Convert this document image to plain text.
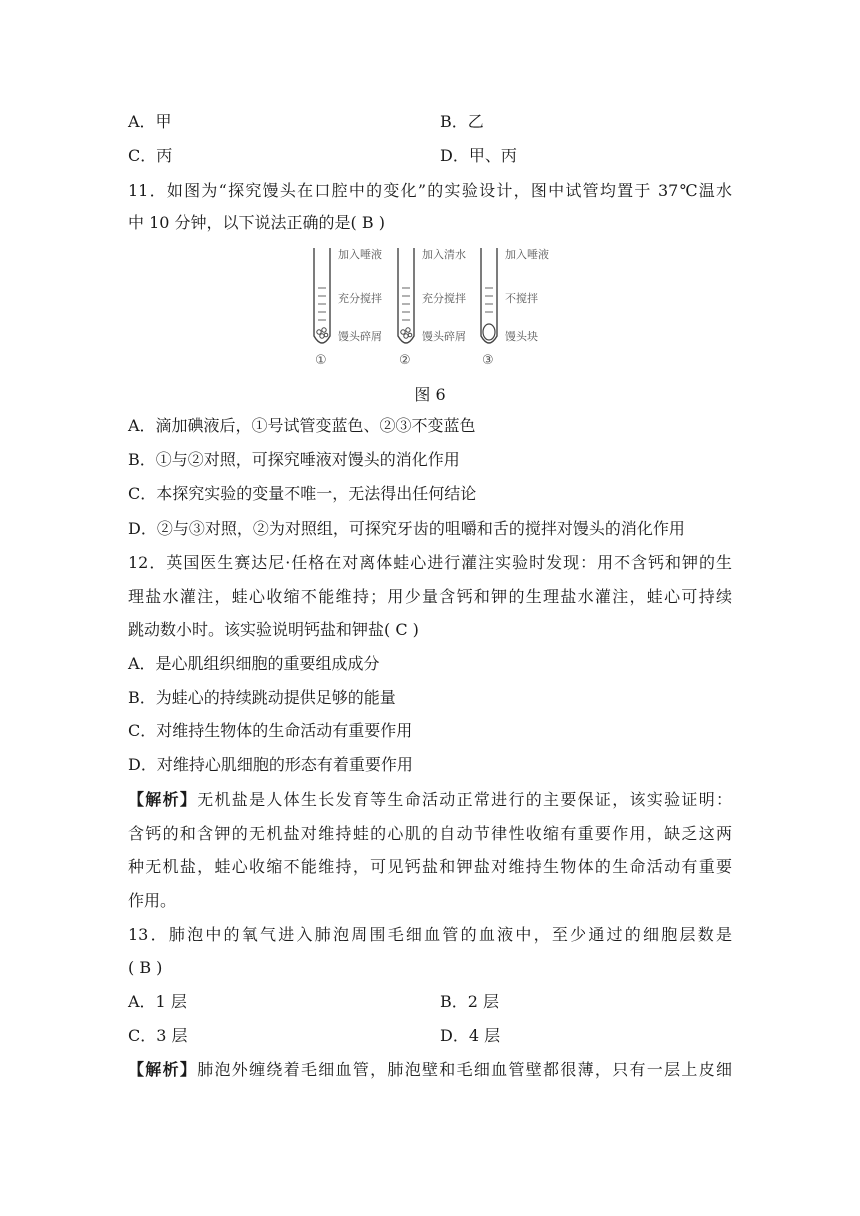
A．甲	B．乙
C．丙	D．甲、丙
11．如图为“探究馒头在口腔中的变化”的实验设计，图中试管均置于 37℃温水
中 10 分钟，以下说法正确的是( B )
加入唾液
充分搅拌
馒头碎屑
①
加入清水
充分搅拌
馒头碎屑
②
加入唾液
不搅拌
馒头块
③
图 6
A．滴加碘液后，①号试管变蓝色、②③不变蓝色
B．①与②对照，可探究唾液对馒头的消化作用
C．本探究实验的变量不唯一，无法得出任何结论
D．②与③对照，②为对照组，可探究牙齿的咀嚼和舌的搅拌对馒头的消化作用
12．英国医生赛达尼·任格在对离体蛙心进行灌注实验时发现：用不含钙和钾的生
理盐水灌注，蛙心收缩不能维持；用少量含钙和钾的生理盐水灌注，蛙心可持续
跳动数小时。该实验说明钙盐和钾盐( C )
A．是心肌组织细胞的重要组成成分
B．为蛙心的持续跳动提供足够的能量
C．对维持生物体的生命活动有重要作用
D．对维持心肌细胞的形态有着重要作用
【解析】无机盐是人体生长发育等生命活动正常进行的主要保证，该实验证明：
含钙的和含钾的无机盐对维持蛙的心肌的自动节律性收缩有重要作用，缺乏这两
种无机盐，蛙心收缩不能维持，可见钙盐和钾盐对维持生物体的生命活动有重要
作用。
13．肺泡中的氧气进入肺泡周围毛细血管的血液中，至少通过的细胞层数是
( B )
A．1 层	B．2 层
C．3 层	D．4 层
【解析】肺泡外缠绕着毛细血管，肺泡壁和毛细血管壁都很薄，只有一层上皮细
